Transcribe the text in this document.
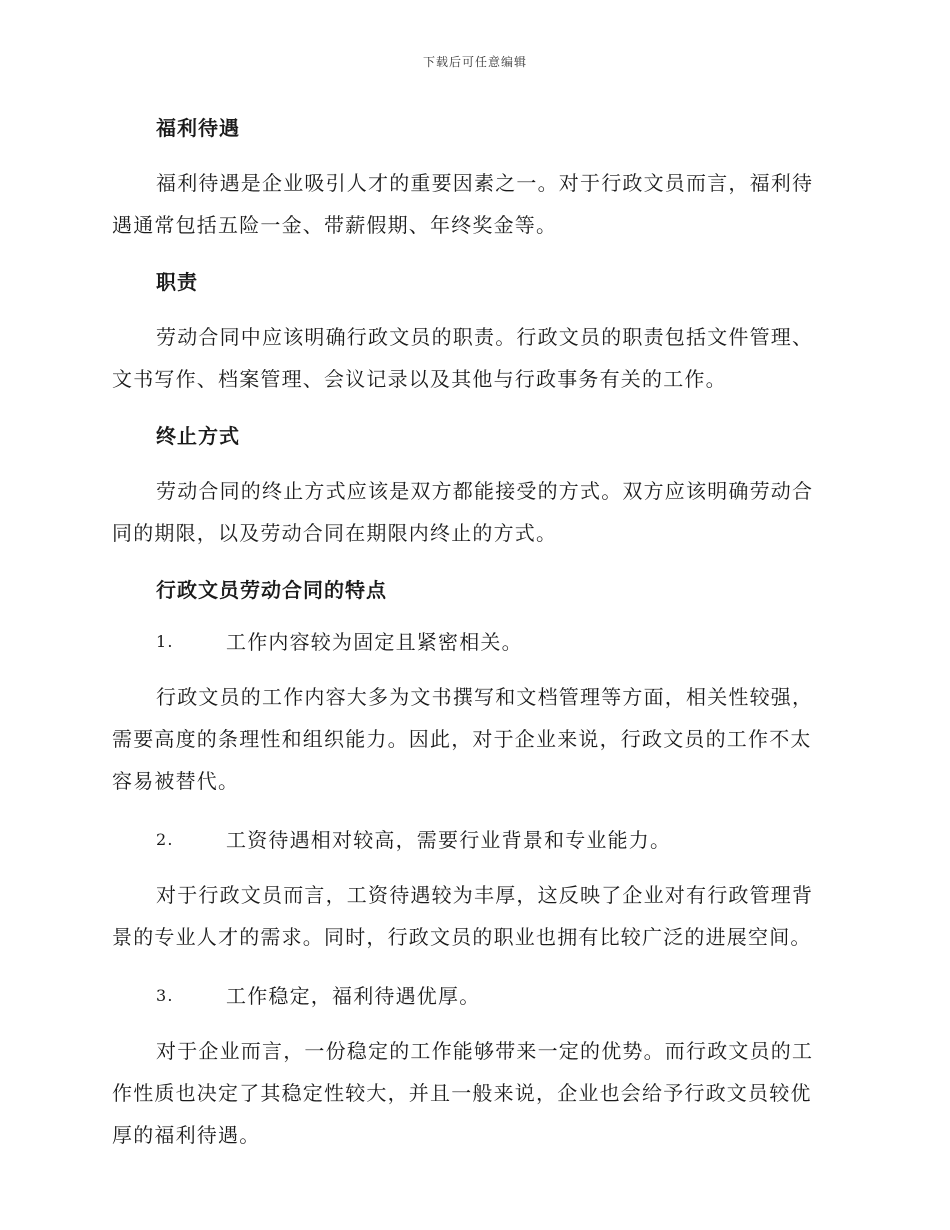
下载后可任意编辑
福利待遇

福利待遇是企业吸引人才的重要因素之一。对于行政文员而言，福利待遇通常包括五险一金、带薪假期、年终奖金等。

职责

劳动合同中应该明确行政文员的职责。行政文员的职责包括文件管理、文书写作、档案管理、会议记录以及其他与行政事务有关的工作。

终止方式

劳动合同的终止方式应该是双方都能接受的方式。双方应该明确劳动合同的期限，以及劳动合同在期限内终止的方式。

行政文员劳动合同的特点
1.	工作内容较为固定且紧密相关。

行政文员的工作内容大多为文书撰写和文档管理等方面，相关性较强，需要高度的条理性和组织能力。因此，对于企业来说，行政文员的工作不太容易被替代。

2.	工资待遇相对较高，需要行业背景和专业能力。

对于行政文员而言，工资待遇较为丰厚，这反映了企业对有行政管理背景的专业人才的需求。同时，行政文员的职业也拥有比较广泛的进展空间。

3.	工作稳定，福利待遇优厚。

对于企业而言，一份稳定的工作能够带来一定的优势。而行政文员的工作性质也决定了其稳定性较大，并且一般来说，企业也会给予行政文员较优厚的福利待遇。
